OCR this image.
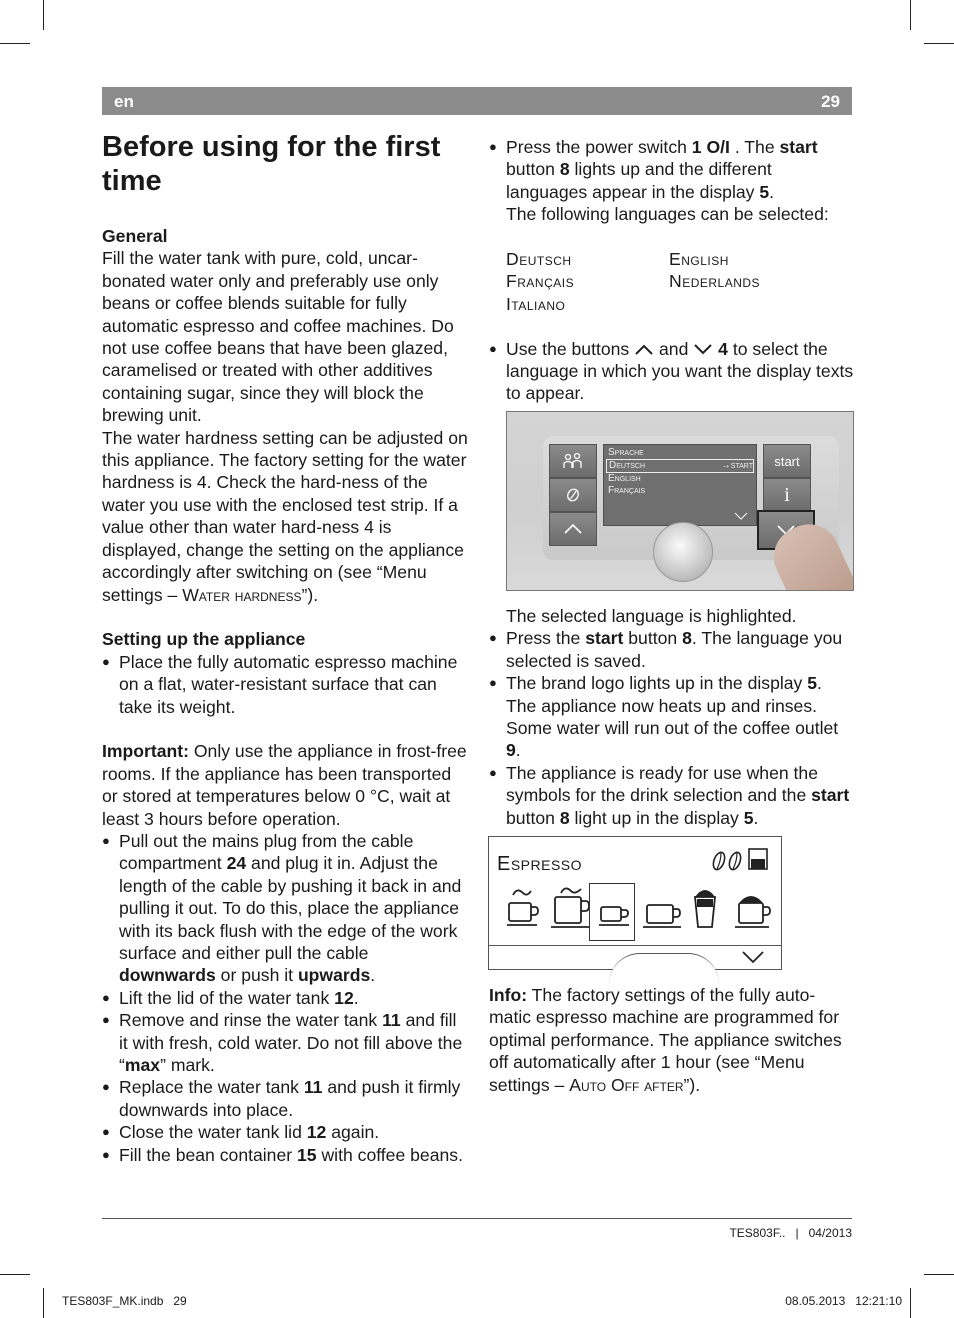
en	29
Before using for the first time

General

Fill the water tank with pure, cold, uncar-bonated water only and preferably use only beans or coffee blends suitable for fully automatic espresso and coffee machines. Do not use coffee beans that have been glazed, caramelised or treated with other additives containing sugar, since they will block the brewing unit.

The water hardness setting can be adjusted on this appliance. The factory setting for the water hardness is 4. Check the hard-ness of the water you use with the enclosed test strip. If a value other than water hard-ness 4 is displayed, change the setting on the appliance accordingly after switching on (see “Menu settings – Water hardness”).

Setting up the appliance

● Place the fully automatic espresso machine on a flat, water-resistant surface that can take its weight.

Important: Only use the appliance in frost-free rooms. If the appliance has been transported or stored at temperatures below 0 °C, wait at least 3 hours before operation.

● Pull out the mains plug from the cable compartment 24 and plug it in. Adjust the length of the cable by pushing it back in and pulling it out. To do this, place the appliance with its back flush with the edge of the work surface and either pull the cable downwards or push it upwards.

● Lift the lid of the water tank 12.

● Remove and rinse the water tank 11 and fill it with fresh, cold water. Do not fill above the “max” mark.

● Replace the water tank 11 and push it firmly downwards into place.

● Close the water tank lid 12 again.

● Fill the bean container 15 with coffee beans.

● Press the power switch 1 O/I . The start button 8 lights up and the different languages appear in the display 5.

The following languages can be selected:

Deutsch	English
Français	Nederlands
Italiano

● Use the buttons  and  4 to select the language in which you want the display texts to appear.

Sprache
Deutsch	→start
English
Français
start
i

The selected language is highlighted.

● Press the start button 8. The language you selected is saved.

● The brand logo lights up in the display 5. The appliance now heats up and rinses. Some water will run out of the coffee outlet 9.

● The appliance is ready for use when the symbols for the drink selection and the start button 8 light up in the display 5.

Espresso

Info: The factory settings of the fully auto-matic espresso machine are programmed for optimal performance. The appliance switches off automatically after 1 hour (see “Menu settings – Auto Off after”).

TES803F..   |   04/2013
TES803F_MK.indb   29	08.05.2013   12:21:10
